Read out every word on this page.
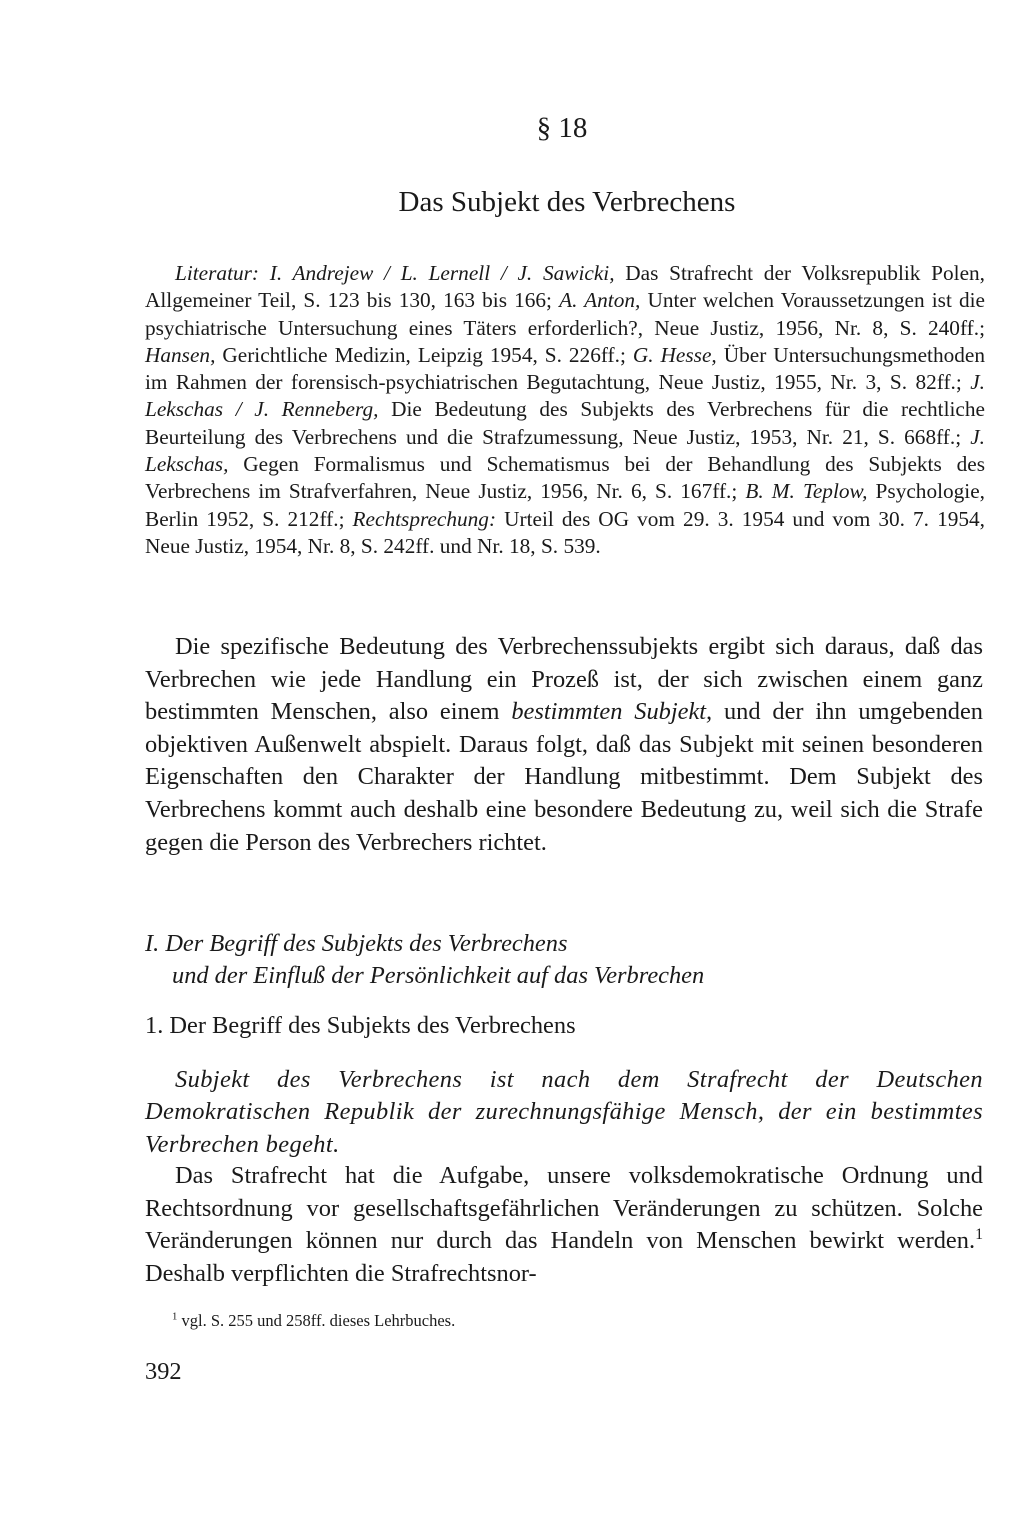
§ 18
Das Subjekt des Verbrechens

Literatur: I. Andrejew / L. Lernell / J. Sawicki, Das Strafrecht der Volksrepublik Polen, Allgemeiner Teil, S. 123 bis 130, 163 bis 166; A. Anton, Unter welchen Voraussetzungen ist die psychiatrische Untersuchung eines Täters erforderlich?, Neue Justiz, 1956, Nr. 8, S. 240ff.; Hansen, Gerichtliche Medizin, Leipzig 1954, S. 226ff.; G. Hesse, Über Untersuchungsmethoden im Rahmen der forensisch-psychiatrischen Begutachtung, Neue Justiz, 1955, Nr. 3, S. 82ff.; J. Lekschas / J. Renneberg, Die Bedeutung des Subjekts des Verbrechens für die rechtliche Beurteilung des Verbrechens und die Strafzumessung, Neue Justiz, 1953, Nr. 21, S. 668ff.; J. Lekschas, Gegen Formalismus und Schematismus bei der Behandlung des Subjekts des Verbrechens im Strafverfahren, Neue Justiz, 1956, Nr. 6, S. 167ff.; B. M. Teplow, Psychologie, Berlin 1952, S. 212ff.; Rechtsprechung: Urteil des OG vom 29. 3. 1954 und vom 30. 7. 1954, Neue Justiz, 1954, Nr. 8, S. 242ff. und Nr. 18, S. 539.

Die spezifische Bedeutung des Verbrechenssubjekts ergibt sich daraus, daß das Verbrechen wie jede Handlung ein Prozeß ist, der sich zwischen einem ganz bestimmten Menschen, also einem bestimmten Subjekt, und der ihn umgebenden objektiven Außenwelt abspielt. Daraus folgt, daß das Subjekt mit seinen besonderen Eigenschaften den Charakter der Handlung mitbestimmt. Dem Subjekt des Verbrechens kommt auch deshalb eine besondere Bedeutung zu, weil sich die Strafe gegen die Person des Verbrechers richtet.

I. Der Begriff des Subjekts des Verbrechens
und der Einfluß der Persönlichkeit auf das Verbrechen

1. Der Begriff des Subjekts des Verbrechens

Subjekt des Verbrechens ist nach dem Strafrecht der Deutschen Demokratischen Republik der zurechnungsfähige Mensch, der ein bestimmtes Verbrechen begeht.

Das Strafrecht hat die Aufgabe, unsere volksdemokratische Ordnung und Rechtsordnung vor gesellschaftsgefährlichen Veränderungen zu schützen. Solche Veränderungen können nur durch das Handeln von Menschen bewirkt werden.$^1$ Deshalb verpflichten die Strafrechtsnor-

$^1$ vgl. S. 255 und 258ff. dieses Lehrbuches.

392
